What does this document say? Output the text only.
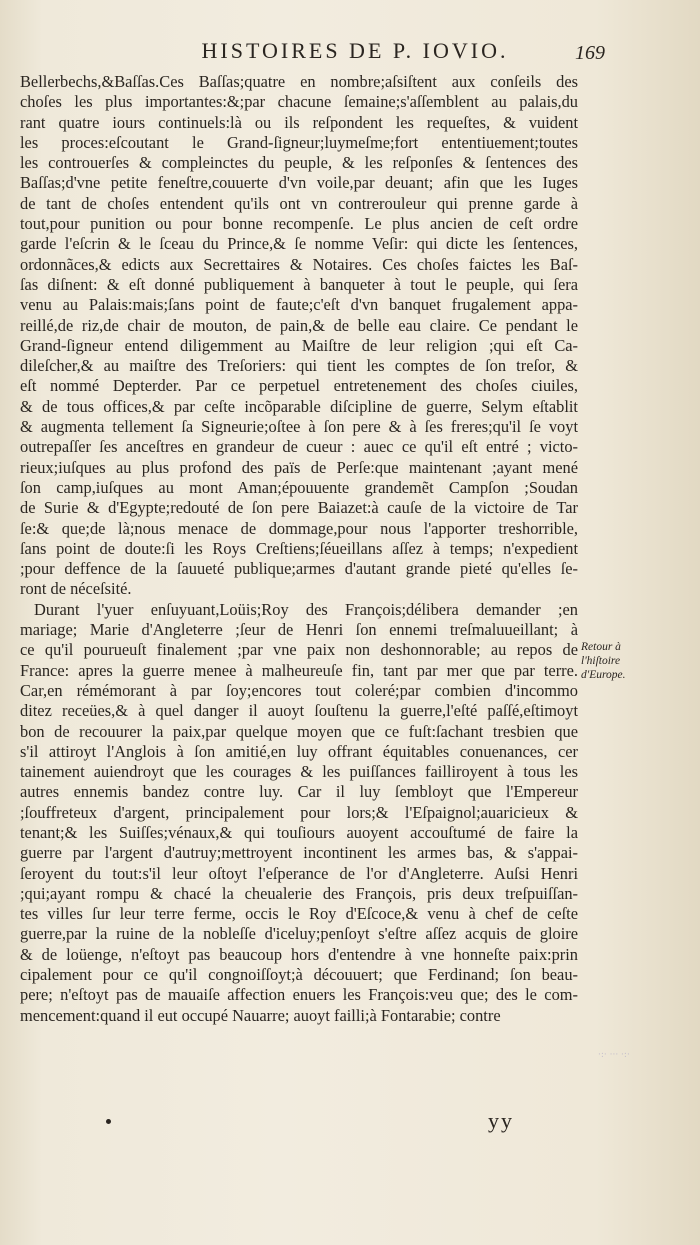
HISTOIRES DE P. IOVIO.	169
Bellerbechs,&Baſſas.Ces Baſſas;quatre en nombre;aſsiſtent aux conſeils des
choſes les plus importantes:&;par chacune ſemaine;s'aſſemblent au palais,du
rant quatre iours continuels:là ou ils reſpondent les requeſtes, & vuident
les proces:eſcoutant le Grand-ſigneur;luymeſme;fort ententiuement;toutes
les controuerſes & compleinctes du peuple, & les reſponſes & ſentences des
Baſſas;d'vne petite feneſtre,couuerte d'vn voile,par deuant; afin que les Iuges
de tant de choſes entendent qu'ils ont vn contrerouleur qui prenne garde à
tout,pour punition ou pour bonne recompenſe. Le plus ancien de ceſt ordre
garde l'eſcrin & le ſceau du Prince,& ſe nomme Veſir: qui dicte les ſentences,
ordonnãces,& edicts aux Secrettaires & Notaires. Ces choſes faictes les Baſ-
ſas diſnent: & eſt donné publiquement à banqueter à tout le peuple, qui ſera
venu au Palais:mais;ſans point de faute;c'eſt d'vn banquet frugalement appa-
reillé,de riz,de chair de mouton, de pain,& de belle eau claire. Ce pendant le
Grand-ſigneur entend diligemment au Maiſtre de leur religion ;qui eſt Ca-
dileſcher,& au maiſtre des Treſoriers: qui tient les comptes de ſon treſor, &
eſt nommé Depterder. Par ce perpetuel entretenement des choſes ciuiles,
& de tous offices,& par ceſte incõparable diſcipline de guerre, Selym eſtablit
& augmenta tellement ſa Signeurie;oſtee à ſon pere & à ſes freres;qu'il ſe voyt
outrepaſſer ſes anceſtres en grandeur de cueur : auec ce qu'il eſt entré ; victo-
rieux;iuſques au plus profond des païs de Perſe:que maintenant ;ayant mené
ſon camp,iuſques au mont Aman;épouuente grandemẽt Campſon ;Soudan
de Surie & d'Egypte;redouté de ſon pere Baiazet:à cauſe de la victoire de Tar
ſe:& que;de là;nous menace de dommage,pour nous l'apporter treshorrible,
ſans point de doute:ſi les Roys Creſtiens;ſéueillans aſſez à temps; n'expedient
;pour deffence de la ſauueté publique;armes d'autant grande pieté qu'elles ſe-
ront de néceſsité.
Durant l'yuer enſuyuant,Loüis;Roy des François;délibera demander ;en
mariage; Marie d'Angleterre ;ſeur de Henri ſon ennemi treſmaluueillant; à
ce qu'il pourueuſt finalement ;par vne paix non deshonnorable; au repos de
France: apres la guerre menee à malheureuſe fin, tant par mer que par terre.
Car,en rémémorant à par ſoy;encores tout coleré;par combien d'incommo
ditez receües,& à quel danger il auoyt ſouſtenu la guerre,l'eſté paſſé,eſtimoyt
bon de recouurer la paix,par quelque moyen que ce fuſt:ſachant tresbien que
s'il attiroyt l'Anglois à ſon amitié,en luy offrant équitables conuenances, cer
tainement auiendroyt que les courages & les puiſſances failliroyent à tous les
autres ennemis bandez contre luy. Car il luy ſembloyt que l'Empereur
;ſouffreteux d'argent, principalement pour lors;& l'Eſpaignol;auaricieux &
tenant;& les Suiſſes;vénaux,& qui touſiours auoyent accouſtumé de faire la
guerre par l'argent d'autruy;mettroyent incontinent les armes bas, & s'appai-
ſeroyent du tout:s'il leur oſtoyt l'eſperance de l'or d'Angleterre. Auſsi Henri
;qui;ayant rompu & chacé la cheualerie des François, pris deux treſpuiſſan-
tes villes ſur leur terre ferme, occis le Roy d'Eſcoce,& venu à chef de ceſte
guerre,par la ruine de la nobleſſe d'iceluy;penſoyt s'eſtre aſſez acquis de gloire
& de loüenge, n'eſtoyt pas beaucoup hors d'entendre à vne honneſte paix:prin
cipalement pour ce qu'il congnoiſſoyt;à découuert; que Ferdinand; ſon beau-
pere; n'eſtoyt pas de mauaiſe affection enuers les François:veu que; des le com-
mencement:quand il eut occupé Nauarre; auoyt failli;à Fontarabie; contre
Retour à l'hiſtoire d'Europe.
·:· ··· ·:·
yy
